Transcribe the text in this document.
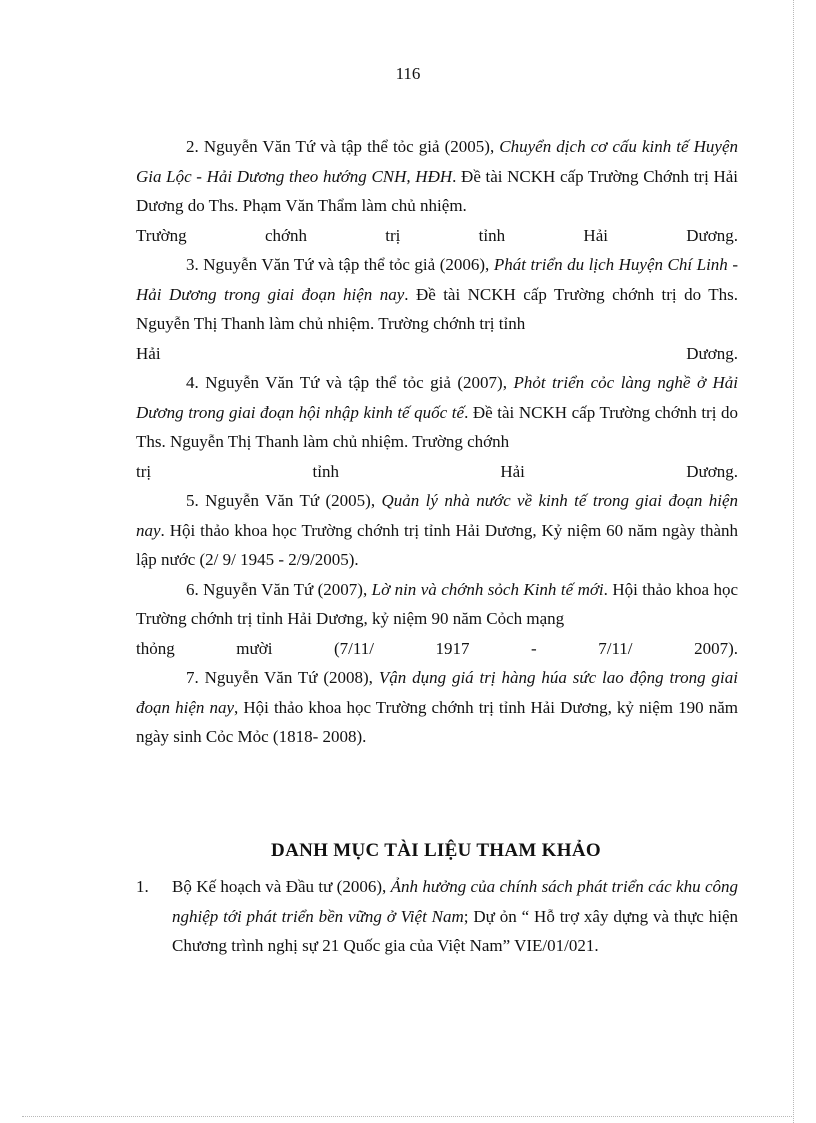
116

2. Nguyễn Văn Tứ và tập thể tỏc giả (2005), Chuyển dịch cơ cấu kinh tế Huyện Gia Lộc - Hải Dương theo hướng CNH, HĐH. Đề tài NCKH cấp Trường Chớnh trị Hải Dương do Ths. Phạm Văn Thẩm làm chủ nhiệm.
Trường chớnh trị tỉnh Hải Dương.

3. Nguyễn Văn Tứ và tập thể tỏc giả (2006), Phát triển du lịch Huyện Chí Linh - Hải Dương trong giai đoạn hiện nay. Đề tài NCKH cấp Trường chớnh trị do Ths. Nguyễn Thị Thanh làm chủ nhiệm. Trường chớnh trị tỉnh
Hải Dương.

4. Nguyễn Văn Tứ và tập thể tỏc giả (2007), Phỏt triển cỏc làng nghề ở Hải Dương trong giai đoạn hội nhập kinh tế quốc tế. Đề tài NCKH cấp Trường chớnh trị do Ths. Nguyễn Thị Thanh làm chủ nhiệm. Trường chớnh
trị tỉnh Hải Dương.

5. Nguyễn Văn Tứ (2005), Quản lý nhà nước về kinh tế trong giai đoạn hiện nay. Hội thảo khoa học Trường chớnh trị tỉnh Hải Dương, Kỷ niệm 60 năm ngày thành lập nước (2/ 9/ 1945 - 2/9/2005).

6. Nguyễn Văn Tứ (2007), Lờ nin và chớnh sỏch Kinh tế mới. Hội thảo khoa học Trường chớnh trị tỉnh Hải Dương, kỷ niệm 90 năm Cỏch mạng
thỏng mười (7/11/ 1917 - 7/11/ 2007).

7. Nguyễn Văn Tứ (2008), Vận dụng giá trị hàng húa sức lao động trong giai đoạn hiện nay, Hội thảo khoa học Trường chớnh trị tỉnh Hải Dương, kỷ niệm 190 năm ngày sinh Cỏc Mỏc (1818- 2008).

DANH MỤC TÀI LIỆU THAM KHẢO

1. Bộ Kế hoạch và Đầu tư (2006), Ảnh hưởng của chính sách phát triển các khu công nghiệp tới phát triển bền vững ở Việt Nam; Dự ỏn “ Hỗ trợ xây dựng và thực hiện Chương trình nghị sự 21 Quốc gia của Việt Nam” VIE/01/021.
